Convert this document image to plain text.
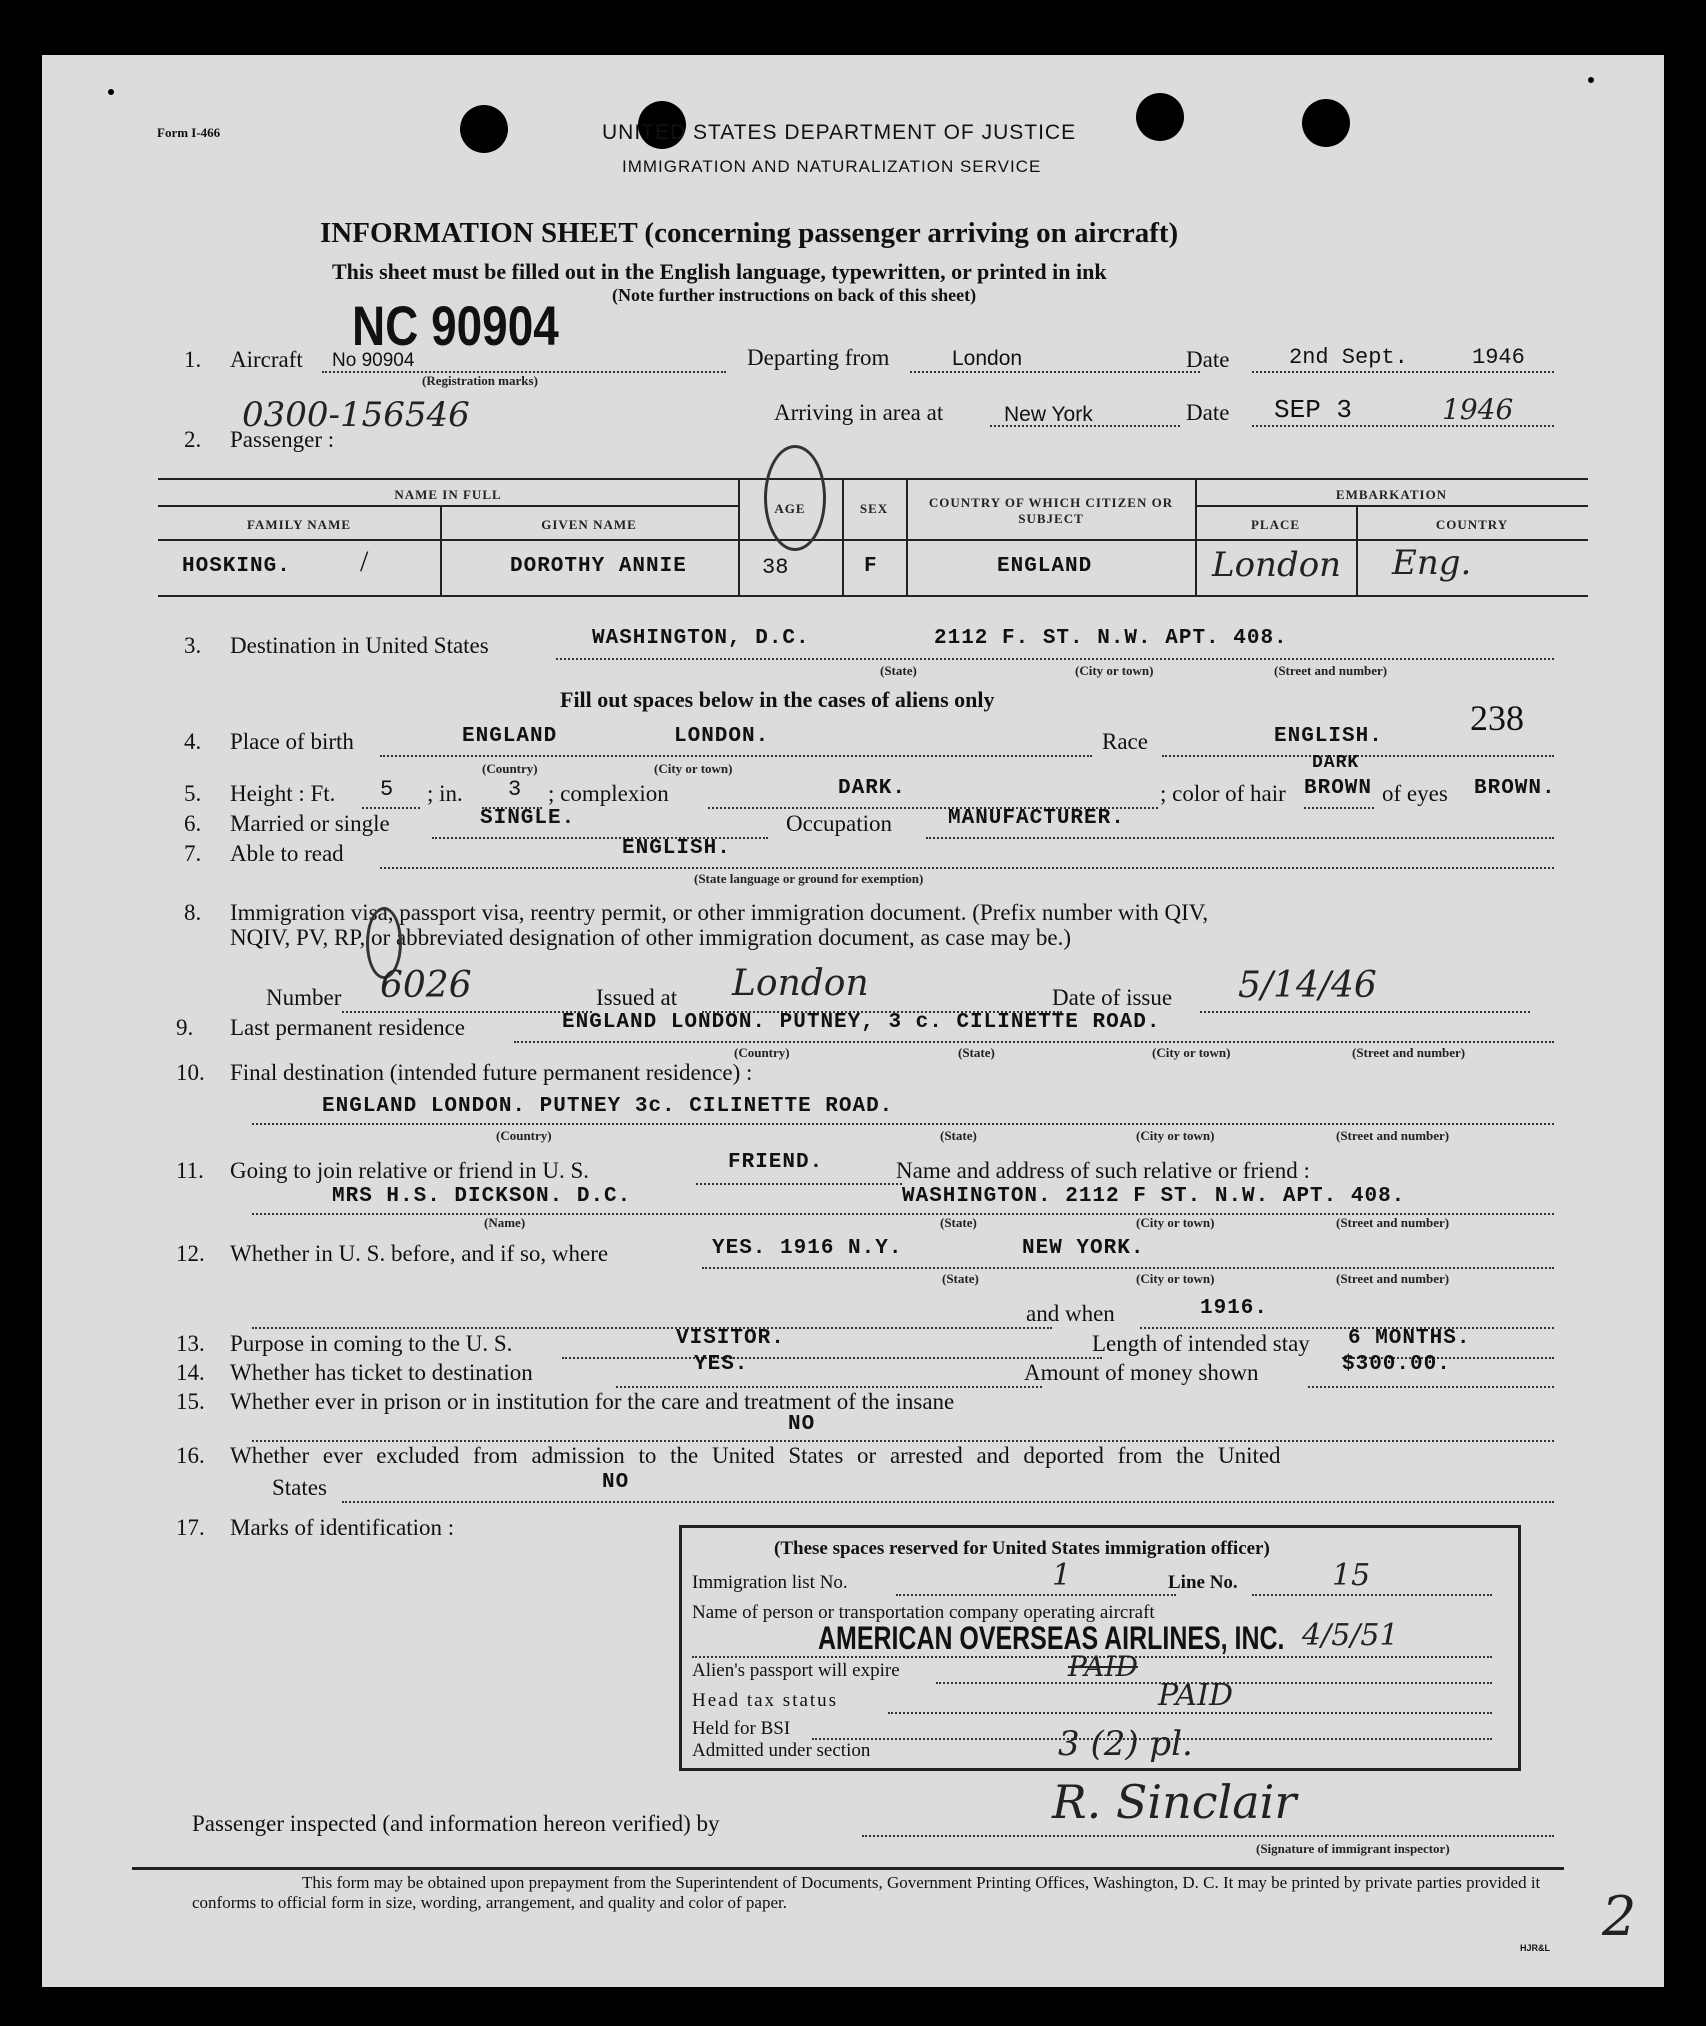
Form I-466	UNITED STATES DEPARTMENT OF JUSTICE
IMMIGRATION AND NATURALIZATION SERVICE
INFORMATION SHEET (concerning passenger arriving on aircraft)
This sheet must be filled out in the English language, typewritten, or printed in ink
(Note further instructions on back of this sheet)
NC 90904
0300-156546
1. Aircraft No 90904
(Registration marks)
Departing from	London	Date	2nd Sept.	1946
Arriving in area at	New York	Date SEP 3	1946
2. Passenger :
NAME IN FULL
FAMILY NAME	GIVEN NAME
AGE	SEX	COUNTRY OF WHICH CITIZEN OR SUBJECT
EMBARKATION
PLACE	COUNTRY
HOSKING. /	DOROTHY ANNIE	38	F	ENGLAND	London Eng.
3. Destination in United States	WASHINGTON, D.C.	2112 F. ST. N.W. APT. 408.
(State)	(City or town)	(Street and number)
Fill out spaces below in the cases of aliens only	238
4. Place of birth	ENGLAND	LONDON.
(Country)	(City or town)
Race	ENGLISH.
5. Height : Ft. 5 ; in. 3 ; complexion	DARK.	; color of hair
DARK
BROWN of eyes BROWN.
6. Married or single	SINGLE.	Occupation	MANUFACTURER.
7. Able to read	ENGLISH.
(State language or ground for exemption)
8. Immigration visa, passport visa, reentry permit, or other immigration document. (Prefix number with QIV,
NQIV, PV, RP, or abbreviated designation of other immigration document, as case may be.)
Number 6026	Issued at London	Date of issue 5/14/46
9. Last permanent residence	ENGLAND LONDON. PUTNEY, 3 c. CILINETTE ROAD.
(Country)	(State)	(City or town)	(Street and number)
10. Final destination (intended future permanent residence) :
ENGLAND LONDON. PUTNEY 3c. CILINETTE ROAD.
(Country)	(State)	(City or town)	(Street and number)
11. Going to join relative or friend in U. S.	FRIEND.	Name and address of such relative or friend :
MRS H.S. DICKSON. D.C.	WASHINGTON. 2112 F ST. N.W. APT. 408.
(Name)	(State)	(City or town)	(Street and number)
12. Whether in U. S. before, and if so, where	YES. 1916 N.Y.	NEW YORK.
(State)	(City or town)	(Street and number)
and when	1916.
13. Purpose in coming to the U. S.	VISITOR.	Length of intended stay 6 MONTHS.
14. Whether has ticket to destination	YES.	Amount of money shown	$300.00.
15. Whether ever in prison or in institution for the care and treatment of the insane
NO
16. Whether ever excluded from admission to the United States or arrested and deported from the United
States	NO
17. Marks of identification :
(These spaces reserved for United States immigration officer)
Immigration list No.	1	Line No.	15
Name of person or transportation company operating aircraft
AMERICAN OVERSEAS AIRLINES, INC. 4/5/51
Alien's passport will expire	PAID
Head tax status	PAID
Held for BSI
Admitted under section	3 (2) pl.
Passenger inspected (and information hereon verified) by	R. Sinclair
(Signature of immigrant inspector)
This form may be obtained upon prepayment from the Superintendent of Documents, Government Printing Offices, Washington, D. C. It may be printed by private parties provided it conforms to official form in size, wording, arrangement, and quality and color of paper.	2
HJR&L
